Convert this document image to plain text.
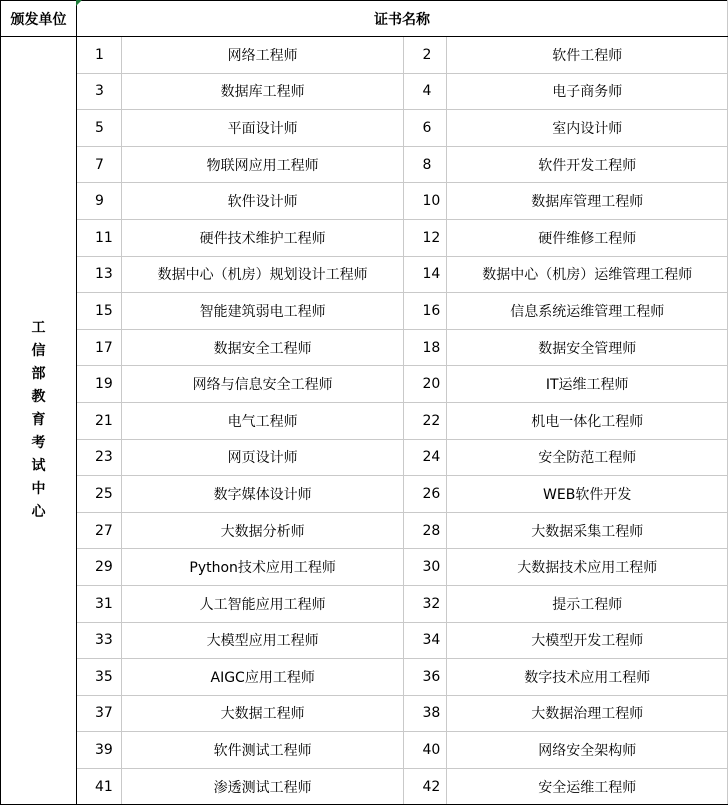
颁发单位	证书名称			
工信部教育考试中心	1	网络工程师	2	软件工程师
	3	数据库工程师	4	电子商务师
	5	平面设计师	6	室内设计师
	7	物联网应用工程师	8	软件开发工程师
	9	软件设计师	10	数据库管理工程师
	11	硬件技术维护工程师	12	硬件维修工程师
	13	数据中心（机房）规划设计工程师	14	数据中心（机房）运维管理工程师
	15	智能建筑弱电工程师	16	信息系统运维管理工程师
	17	数据安全工程师	18	数据安全管理师
	19	网络与信息安全工程师	20	IT运维工程师
	21	电气工程师	22	机电一体化工程师
	23	网页设计师	24	安全防范工程师
	25	数字媒体设计师	26	WEB软件开发
	27	大数据分析师	28	大数据采集工程师
	29	Python技术应用工程师	30	大数据技术应用工程师
	31	人工智能应用工程师	32	提示工程师
	33	大模型应用工程师	34	大模型开发工程师
	35	AIGC应用工程师	36	数字技术应用工程师
	37	大数据工程师	38	大数据治理工程师
	39	软件测试工程师	40	网络安全架构师
	41	渗透测试工程师	42	安全运维工程师
